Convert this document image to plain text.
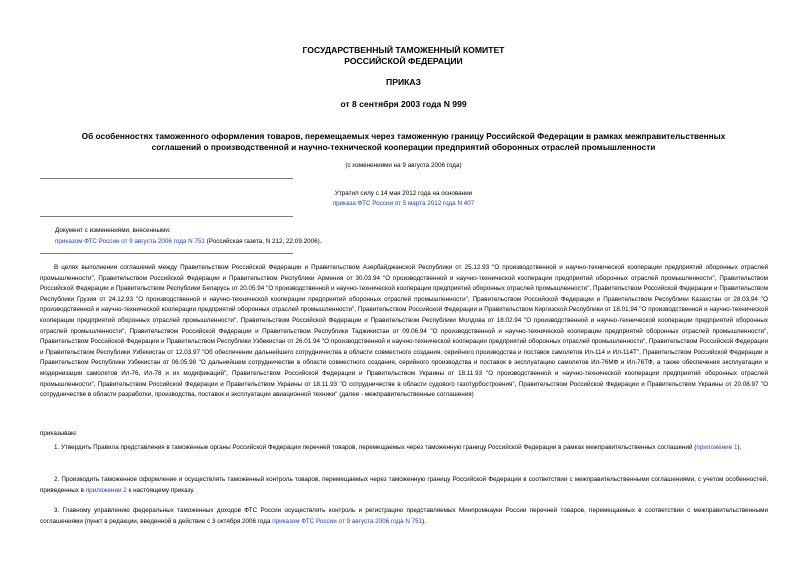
ГОСУДАРСТВЕННЫЙ ТАМОЖЕННЫЙ КОМИТЕТ
РОССИЙСКОЙ ФЕДЕРАЦИИ
ПРИКАЗ
от 8 сентября 2003 года N 999
Об особенностях таможенного оформления товаров, перемещаемых через таможенную границу Российской Федерации в рамках межправительственных
соглашений о производственной и научно-технической кооперации предприятий оборонных отраслей промышленности
(с изменениями на 9 августа 2006 года)
Утратил силу с 14 мая 2012 года на основании
приказа ФТС России от 5 марта 2012 года N 407
Документ с изменениями, внесенными:
приказом ФТС России от 9 августа 2006 года N 751 (Российская газета, N 212, 22.09.2006).
В целях выполнения соглашений между Правительством Российской Федерации и Правительством Азербайджанской Республики от 25.12.93 "О производственной и научно-технической кооперации предприятий оборонных отраслей промышленности", Правительством Российской Федерации и Правительством Республики Армения от 30.03.94 "О производственной и научно-технической кооперации предприятий оборонных отраслей промышленности", Правительством Российской Федерации и Правительством Республики Беларусь от 20.05.94 "О производственной и научно-технической кооперации предприятий оборонных отраслей промышленности", Правительством Российской Федерации и Правительством Республики Грузия от 24.12.93 "О производственной и научно-технической кооперации предприятий оборонных отраслей промышленности", Правительством Российской Федерации и Правительством Республики Казахстан от 28.03.94 "О производственной и научно-технической кооперации предприятий оборонных отраслей промышленности", Правительством Российской Федерации и Правительством Киргизской Республики от 18.01.94 "О производственной и научно-технической кооперации предприятий оборонных отраслей промышленности", Правительством Российской Федерации и Правительством Республики Молдова от 18.02.94 "О производственной и научно-технической кооперации предприятий оборонных отраслей промышленности", Правительством Российской Федерации и Правительством Республики Таджикистан от 09.06.94 "О производственной и научно-технической кооперации предприятий оборонных отраслей промышленности", Правительством Российской Федерации и Правительством Республики Узбекистан от 26.01.94 "О производственной и научно-технической кооперации предприятий оборонных отраслей промышленности", Правительством Российской Федерации и Правительством Республики Узбекистан от 12.03.97 "Об обеспечении дальнейшего сотрудничества в области совместного создания, серийного производства и поставок самолетов Ил-114 и Ил-114Т", Правительством Российской Федерации и Правительством Республики Узбекистан от 06.05.98 "О дальнейшем сотрудничестве в области совместного создания, серийного производства и поставок в эксплуатацию самолетов Ил-76МФ и Ил-76ТФ, а также обеспечения эксплуатации и модернизации самолетов Ил-76, Ил-78 и их модификаций", Правительством Российской Федерации и Правительством Украины от 18.11.93 "О производственной и научно-технической кооперации предприятий оборонных отраслей промышленности", Правительством Российской Федерации и Правительством Украины от 18.11.93 "О сотрудничестве в области судового газотурбостроения", Правительством Российской Федерации и Правительством Украины от 20.08.97 "О сотрудничестве в области разработки, производства, поставок и эксплуатации авиационной техники" (далее - межправительственные соглашения)
приказываю:
1. Утвердить Правила представления в таможенные органы Российской Федерации перечней товаров, перемещаемых через таможенную границу Российской Федерации в рамках межправительственных соглашений (приложение 1).
2. Производить таможенное оформление и осуществлять таможенный контроль товаров, перемещаемых через таможенную границу Российской Федерации в соответствии с межправительственными соглашениями, с учетом особенностей, приведенных в приложении 2 к настоящему приказу.
3. Главному управлению федеральных таможенных доходов ФТС России осуществлять контроль и регистрацию представляемых Минпромнауки России перечней товаров, перемещаемых в соответствии с межправительственными соглашениями (пункт в редакции, введенной в действие с 3 октября 2006 года приказом ФТС России от 9 августа 2006 года N 751).
